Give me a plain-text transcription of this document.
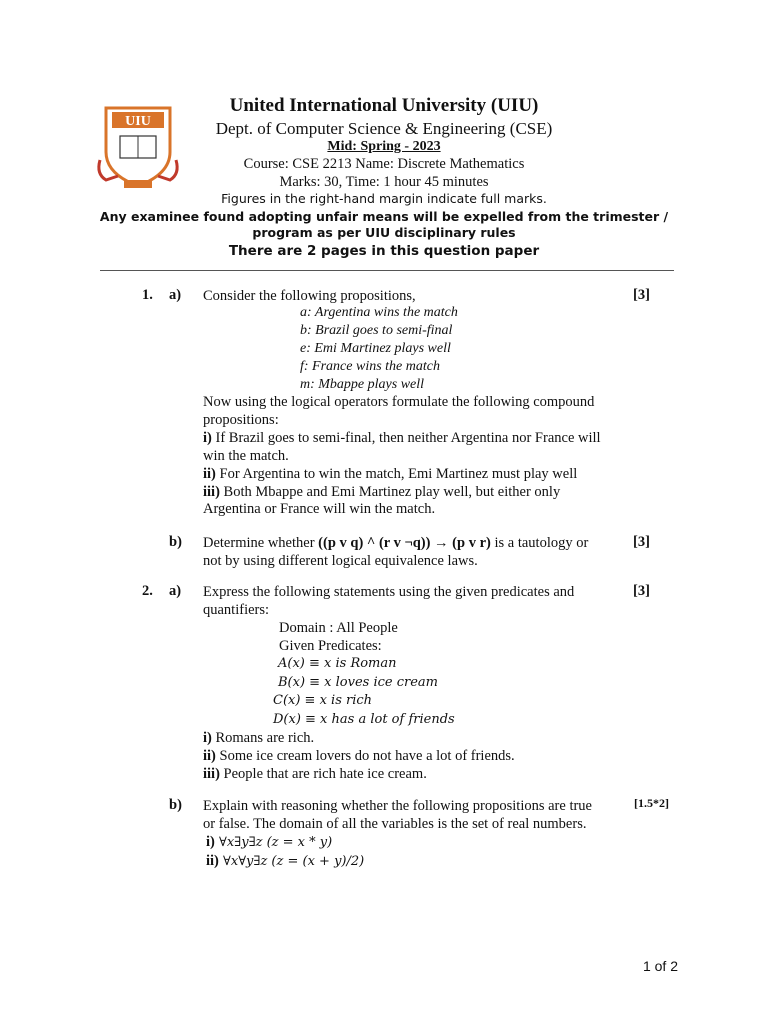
UIU
United International University (UIU)
Dept. of Computer Science & Engineering (CSE)
Mid: Spring - 2023
Course: CSE 2213 Name: Discrete Mathematics
Marks: 30, Time: 1 hour 45 minutes
Figures in the right-hand margin indicate full marks.
Any examinee found adopting unfair means will be expelled from the trimester /
program as per UIU disciplinary rules
There are 2 pages in this question paper
1. a) Consider the following propositions,	[3]
a: Argentina wins the match
b: Brazil goes to semi-final
e: Emi Martinez plays well
f: France wins the match
m: Mbappe plays well
Now using the logical operators formulate the following compound
propositions:
i) If Brazil goes to semi-final, then neither Argentina nor France will
win the match.
ii) For Argentina to win the match, Emi Martinez must play well
iii) Both Mbappe and Emi Martinez play well, but either only
Argentina or France will win the match.
b) Determine whether ((p v q) ^ (r v ¬q)) → (p v r) is a tautology or	[3]
not by using different logical equivalence laws.
2. a) Express the following statements using the given predicates and	[3]
quantifiers:
Domain : All People
Given Predicates:
A(x) ≡ x is Roman
B(x) ≡ x loves ice cream
C(x) ≡ x is rich
D(x) ≡ x has a lot of friends
i) Romans are rich.
ii) Some ice cream lovers do not have a lot of friends.
iii) People that are rich hate ice cream.
b) Explain with reasoning whether the following propositions are true	[1.5*2]
or false. The domain of all the variables is the set of real numbers.
i) ∀x∃y∃z (z = x * y)
ii) ∀x∀y∃z (z = (x + y)/2)
1 of 2
